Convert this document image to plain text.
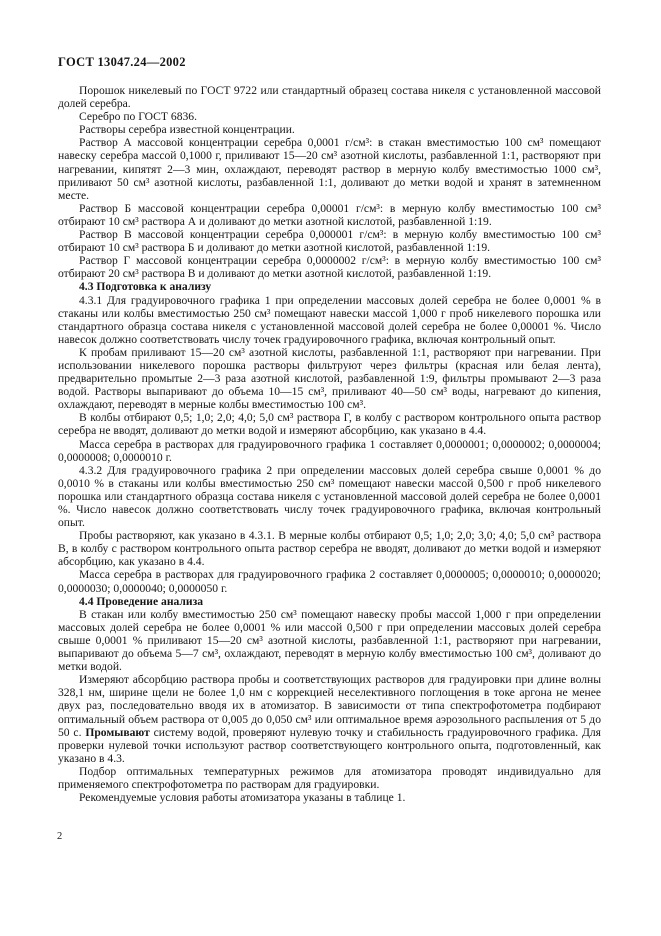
ГОСТ 13047.24—2002

Порошок никелевый по ГОСТ 9722 или стандартный образец состава никеля с установленной массовой долей серебра.

Серебро по ГОСТ 6836.

Растворы серебра известной концентрации.

Раствор А массовой концентрации серебра 0,0001 г/см³: в стакан вместимостью 100 см³ помещают навеску серебра массой 0,1000 г, приливают 15—20 см³ азотной кислоты, разбавленной 1:1, растворяют при нагревании, кипятят 2—3 мин, охлаждают, переводят раствор в мерную колбу вместимостью 1000 см³, приливают 50 см³ азотной кислоты, разбавленной 1:1, доливают до метки водой и хранят в затемненном месте.

Раствор Б массовой концентрации серебра 0,00001 г/см³: в мерную колбу вместимостью 100 см³ отбирают 10 см³ раствора А и доливают до метки азотной кислотой, разбавленной 1:19.

Раствор В массовой концентрации серебра 0,000001 г/см³: в мерную колбу вместимостью 100 см³ отбирают 10 см³ раствора Б и доливают до метки азотной кислотой, разбавленной 1:19.

Раствор Г массовой концентрации серебра 0,0000002 г/см³: в мерную колбу вместимостью 100 см³ отбирают 20 см³ раствора В и доливают до метки азотной кислотой, разбавленной 1:19.

4.3 Подготовка к анализу

4.3.1 Для градуировочного графика 1 при определении массовых долей серебра не более 0,0001 % в стаканы или колбы вместимостью 250 см³ помещают навески массой 1,000 г проб никелевого порошка или стандартного образца состава никеля с установленной массовой долей серебра не более 0,00001 %. Число навесок должно соответствовать числу точек градуировочного графика, включая контрольный опыт.

К пробам приливают 15—20 см³ азотной кислоты, разбавленной 1:1, растворяют при нагревании. При использовании никелевого порошка растворы фильтруют через фильтры (красная или белая лента), предварительно промытые 2—3 раза азотной кислотой, разбавленной 1:9, фильтры промывают 2—3 раза водой. Растворы выпаривают до объема 10—15 см³, приливают 40—50 см³ воды, нагревают до кипения, охлаждают, переводят в мерные колбы вместимостью 100 см³.

В колбы отбирают 0,5; 1,0; 2,0; 4,0; 5,0 см³ раствора Г, в колбу с раствором контрольного опыта раствор серебра не вводят, доливают до метки водой и измеряют абсорбцию, как указано в 4.4.

Масса серебра в растворах для градуировочного графика 1 составляет 0,0000001; 0,0000002; 0,0000004; 0,0000008; 0,0000010 г.

4.3.2 Для градуировочного графика 2 при определении массовых долей серебра свыше 0,0001 % до 0,0010 % в стаканы или колбы вместимостью 250 см³ помещают навески массой 0,500 г проб никелевого порошка или стандартного образца состава никеля с установленной массовой долей серебра не более 0,0001 %. Число навесок должно соответствовать числу точек градуировочного графика, включая контрольный опыт.

Пробы растворяют, как указано в 4.3.1. В мерные колбы отбирают 0,5; 1,0; 2,0; 3,0; 4,0; 5,0 см³ раствора В, в колбу с раствором контрольного опыта раствор серебра не вводят, доливают до метки водой и измеряют абсорбцию, как указано в 4.4.

Масса серебра в растворах для градуировочного графика 2 составляет 0,0000005; 0,0000010; 0,0000020; 0,0000030; 0,0000040; 0,0000050 г.

4.4 Проведение анализа

В стакан или колбу вместимостью 250 см³ помещают навеску пробы массой 1,000 г при определении массовых долей серебра не более 0,0001 % или массой 0,500 г при определении массовых долей серебра свыше 0,0001 % приливают 15—20 см³ азотной кислоты, разбавленной 1:1, растворяют при нагревании, выпаривают до объема 5—7 см³, охлаждают, переводят в мерную колбу вместимостью 100 см³, доливают до метки водой.

Измеряют абсорбцию раствора пробы и соответствующих растворов для градуировки при длине волны 328,1 нм, ширине щели не более 1,0 нм с коррекцией неселективного поглощения в токе аргона не менее двух раз, последовательно вводя их в атомизатор. В зависимости от типа спектрофотометра подбирают оптимальный объем раствора от 0,005 до 0,050 см³ или оптимальное время аэрозольного распыления от 5 до 50 с. Промывают систему водой, проверяют нулевую точку и стабильность градуировочного графика. Для проверки нулевой точки используют раствор соответствующего контрольного опыта, подготовленный, как указано в 4.3.

Подбор оптимальных температурных режимов для атомизатора проводят индивидуально для применяемого спектрофотометра по растворам для градуировки.

Рекомендуемые условия работы атомизатора указаны в таблице 1.

2
